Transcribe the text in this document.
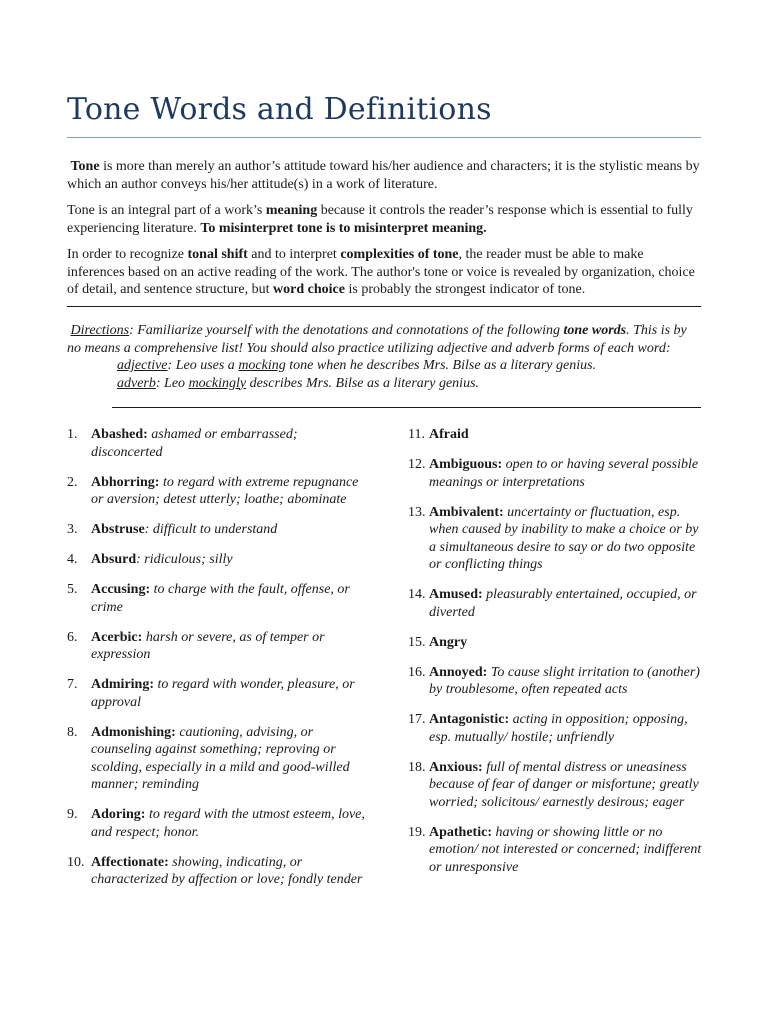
Tone Words and Definitions

Tone is more than merely an author’s attitude toward his/her audience and characters; it is the stylistic means by which an author conveys his/her attitude(s) in a work of literature.

Tone is an integral part of a work’s meaning because it controls the reader’s response which is essential to fully experiencing literature. To misinterpret tone is to misinterpret meaning.

In order to recognize tonal shift and to interpret complexities of tone, the reader must be able to make inferences based on an active reading of the work. The author's tone or voice is revealed by organization, choice of detail, and sentence structure, but word choice is probably the strongest indicator of tone.

Directions: Familiarize yourself with the denotations and connotations of the following tone words. This is by no means a comprehensive list! You should also practice utilizing adjective and adverb forms of each word:

adjective: Leo uses a mocking tone when he describes Mrs. Bilse as a literary genius.

adverb: Leo mockingly describes Mrs. Bilse as a literary genius.

1. Abashed: ashamed or embarrassed; disconcerted
2. Abhorring: to regard with extreme repugnance or aversion; detest utterly; loathe; abominate
3. Abstruse: difficult to understand
4. Absurd: ridiculous; silly
5. Accusing: to charge with the fault, offense, or crime
6. Acerbic: harsh or severe, as of temper or expression
7. Admiring: to regard with wonder, pleasure, or approval
8. Admonishing: cautioning, advising, or counseling against something; reproving or scolding, especially in a mild and good-willed manner; reminding
9. Adoring: to regard with the utmost esteem, love, and respect; honor.
10. Affectionate: showing, indicating, or characterized by affection or love; fondly tender
11. Afraid
12. Ambiguous: open to or having several possible meanings or interpretations
13. Ambivalent: uncertainty or fluctuation, esp. when caused by inability to make a choice or by a simultaneous desire to say or do two opposite or conflicting things
14. Amused: pleasurably entertained, occupied, or diverted
15. Angry
16. Annoyed: To cause slight irritation to (another) by troublesome, often repeated acts
17. Antagonistic: acting in opposition; opposing, esp. mutually/ hostile; unfriendly
18. Anxious: full of mental distress or uneasiness because of fear of danger or misfortune; greatly worried; solicitous/ earnestly desirous; eager
19. Apathetic: having or showing little or no emotion/ not interested or concerned; indifferent or unresponsive
